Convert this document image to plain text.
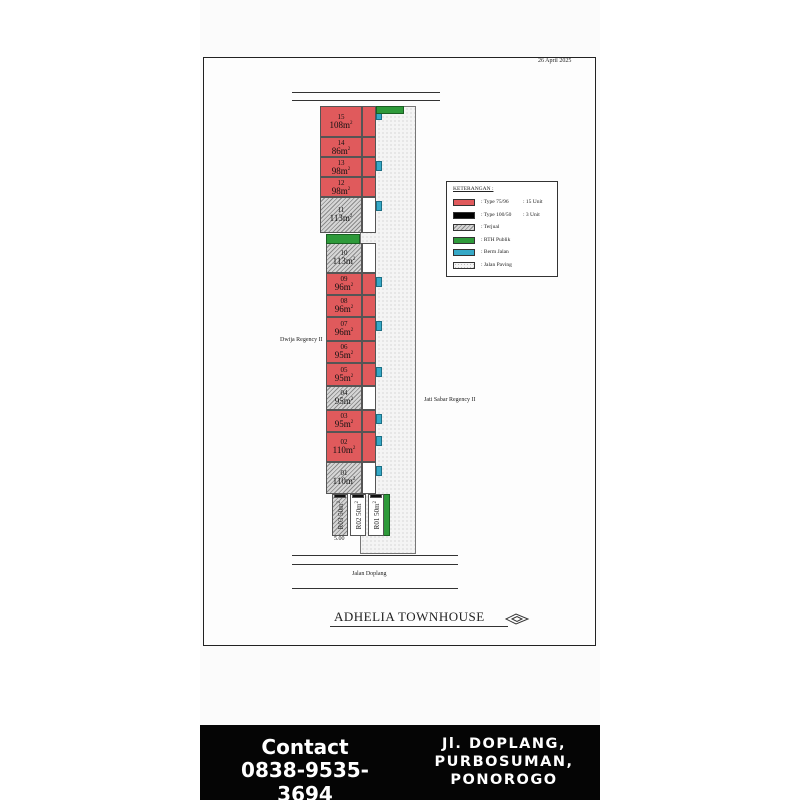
26 April 2025
15
$108m^2$
14
$86m^2$
13
$98m^2$
12
$98m^2$
11
$113m^2$
10
$113m^2$
09
$96m^2$
08
$96m^2$
07
$96m^2$
06
$95m^2$
05
$95m^2$
04
$95m^2$
03
$95m^2$
02
$110m^2$
01
$110m^2$
R03 $50m^2$
R02 $50m^2$
R01 $50m^2$
5.00
Jalan Doplang
Dwija Regency II
Jati Sabar Regency II
ADHELIA TOWNHOUSE
KETERANGAN :
: Type 75/96	: 15 Unit
: Type 100/50 : 3 Unit
: Terjual
: RTH Publik
: Berm Jalan
: Jalan Paving
Contact
0838-9535-3694
Jl. DOPLANG,
PURBOSUMAN,
PONOROGO
